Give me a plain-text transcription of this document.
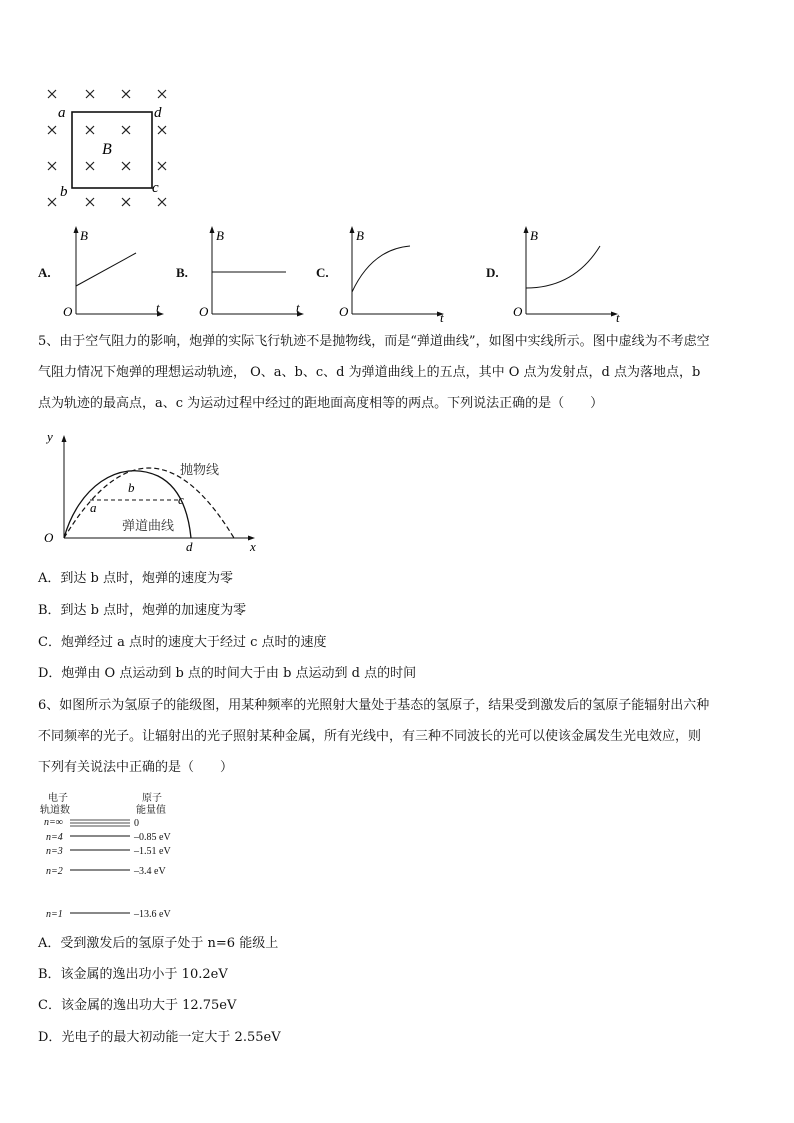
a	d
b	c
B
A.
B
t
O
B.
B
t
O
C.
B
t
O
D.
B
t
O
5、由于空气阻力的影响，炮弹的实际飞行轨迹不是抛物线，而是“弹道曲线”，如图中实线所示。图中虚线为不考虑空
气阻力情况下炮弹的理想运动轨迹， O、a、b、c、d 为弹道曲线上的五点，其中 O 点为发射点，d 点为落地点，b
点为轨迹的最高点，a、c 为运动过程中经过的距地面高度相等的两点。下列说法正确的是（　　）
y
x
O
a
b
c
d
抛物线
弹道曲线
A．到达 b 点时，炮弹的速度为零
B．到达 b 点时，炮弹的加速度为零
C．炮弹经过 a 点时的速度大于经过 c 点时的速度
D．炮弹由 O 点运动到 b 点的时间大于由 b 点运动到 d 点的时间
6、如图所示为氢原子的能级图，用某种频率的光照射大量处于基态的氢原子，结果受到激发后的氢原子能辐射出六种
不同频率的光子。让辐射出的光子照射某种金属，所有光线中，有三种不同波长的光可以使该金属发生光电效应，则
下列有关说法中正确的是（　　）
电子
轨道数
原子
能量值
n=∞	0
n=4	–0.85 eV
n=3	–1.51 eV
n=2	–3.4 eV
n=1	–13.6 eV
A．受到激发后的氢原子处于 n=6 能级上
B．该金属的逸出功小于 10.2eV
C．该金属的逸出功大于 12.75eV
D．光电子的最大初动能一定大于 2.55eV
